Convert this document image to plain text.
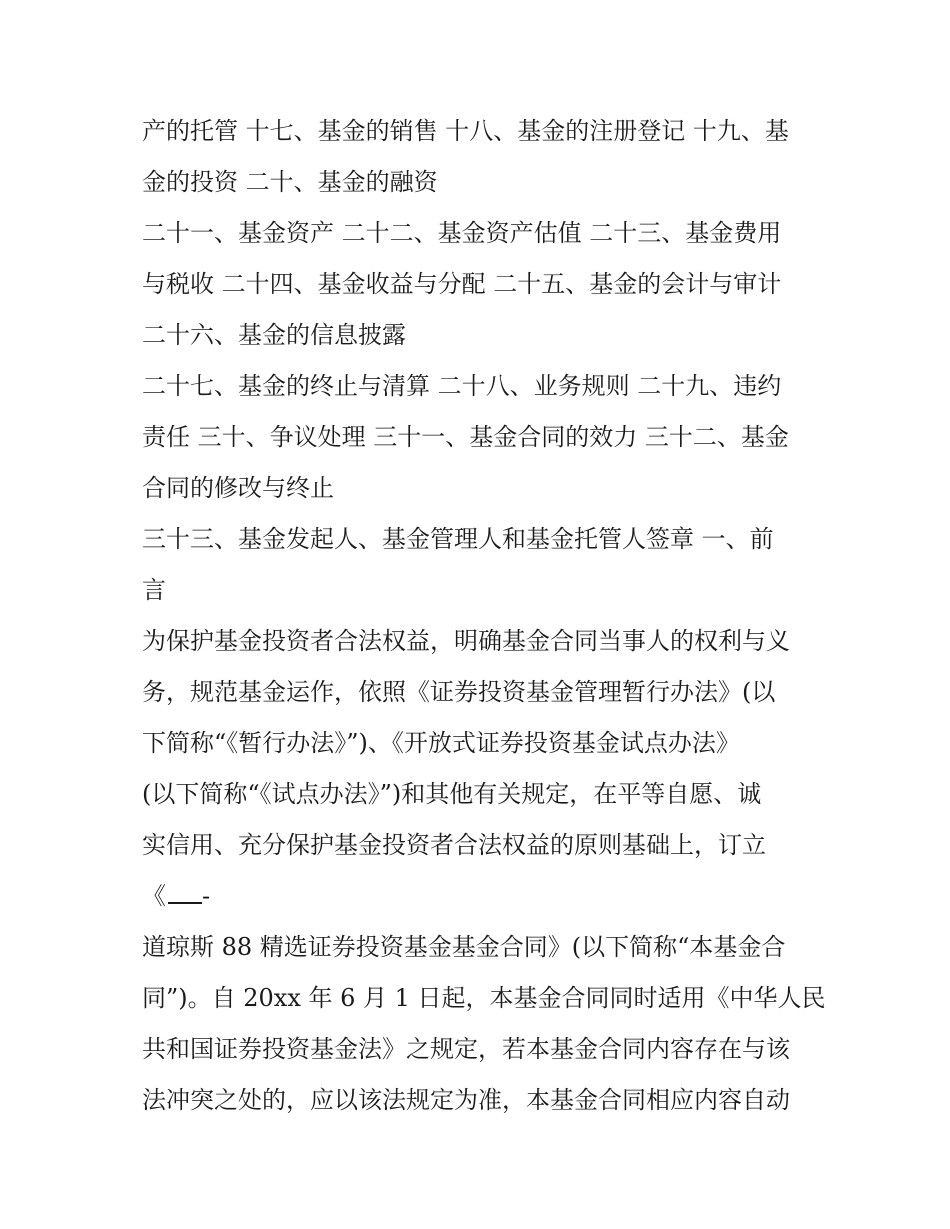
产的托管 十七、基金的销售 十八、基金的注册登记 十九、基
金的投资 二十、基金的融资
二十一、基金资产 二十二、基金资产估值 二十三、基金费用
与税收 二十四、基金收益与分配 二十五、基金的会计与审计
二十六、基金的信息披露
二十七、基金的终止与清算 二十八、业务规则 二十九、违约
责任 三十、争议处理 三十一、基金合同的效力 三十二、基金
合同的修改与终止
三十三、基金发起人、基金管理人和基金托管人签章 一、前
言
为保护基金投资者合法权益，明确基金合同当事人的权利与义
务，规范基金运作，依照《证券投资基金管理暂行办法》(以
下简称“《暂行办法》”)、《开放式证券投资基金试点办法》
(以下简称“《试点办法》”)和其他有关规定，在平等自愿、诚
实信用、充分保护基金投资者合法权益的原则基础上，订立
《 -
道琼斯 88 精选证券投资基金基金合同》(以下简称“本基金合
同”)。自 20xx 年 6 月 1 日起，本基金合同同时适用《中华人民
共和国证券投资基金法》之规定，若本基金合同内容存在与该
法冲突之处的，应以该法规定为准，本基金合同相应内容自动
